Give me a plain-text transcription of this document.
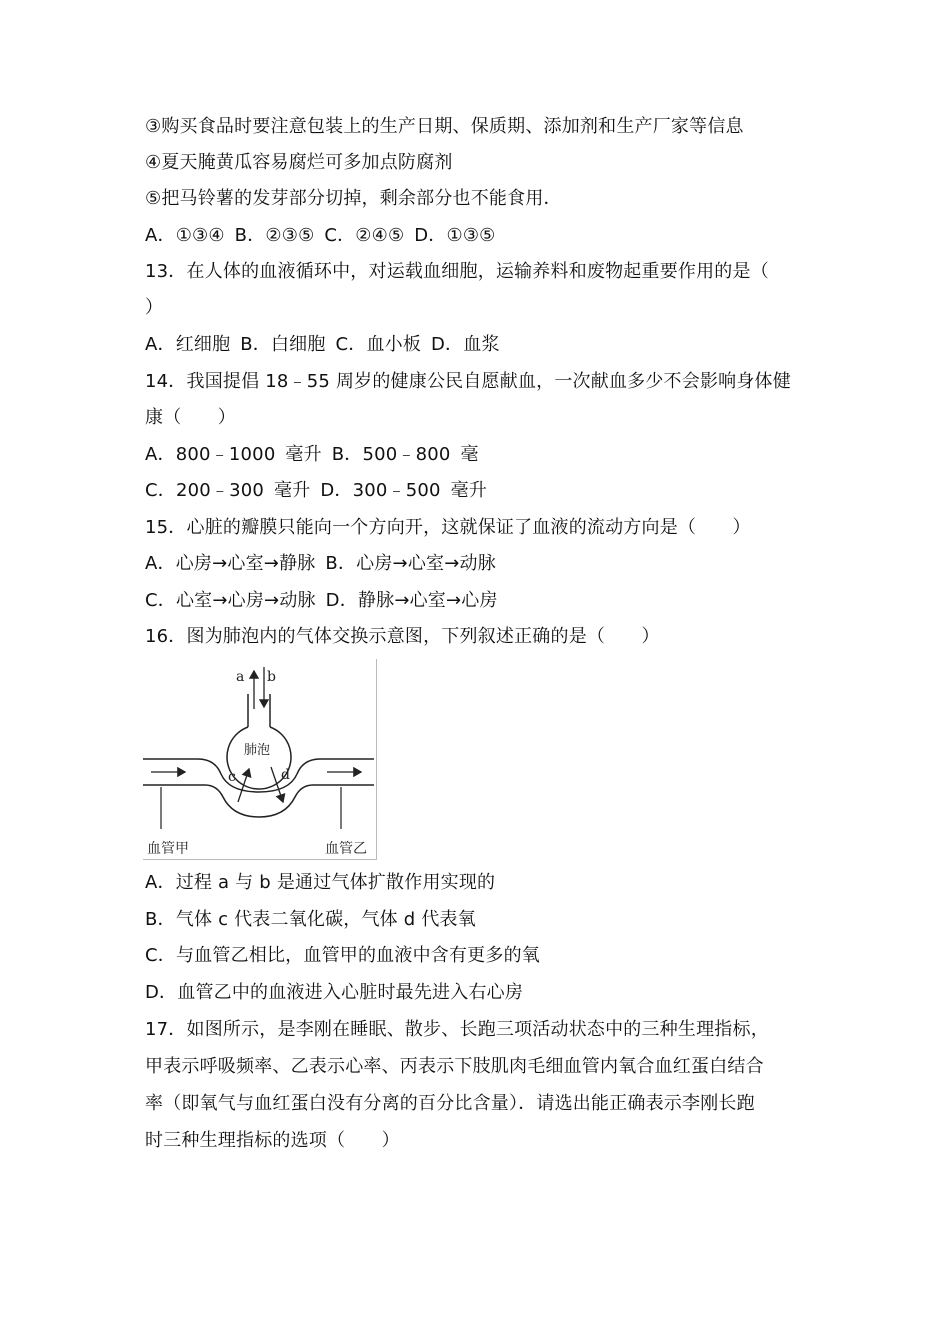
③购买食品时要注意包装上的生产日期、保质期、添加剂和生产厂家等信息
④夏天腌黄瓜容易腐烂可多加点防腐剂
⑤把马铃薯的发芽部分切掉，剩余部分也不能食用．
A．①③④ B．②③⑤ C．②④⑤ D．①③⑤
13．在人体的血液循环中，对运载血细胞，运输养料和废物起重要作用的是（
）
A．红细胞 B．白细胞 C．血小板 D．血浆
14．我国提倡 18﹣55 周岁的健康公民自愿献血，一次献血多少不会影响身体健
康（　　）
A．800﹣1000 毫升 B．500﹣800 毫
C．200﹣300 毫升 D．300﹣500 毫升
15．心脏的瓣膜只能向一个方向开，这就保证了血液的流动方向是（　　）
A．心房→心室→静脉 B．心房→心室→动脉
C．心室→心房→动脉 D．静脉→心室→心房
16．图为肺泡内的气体交换示意图，下列叙述正确的是（　　）
a b
肺泡
c	d
血管甲	血管乙
A．过程 a 与 b 是通过气体扩散作用实现的
B．气体 c 代表二氧化碳，气体 d 代表氧
C．与血管乙相比，血管甲的血液中含有更多的氧
D．血管乙中的血液进入心脏时最先进入右心房
17．如图所示，是李刚在睡眠、散步、长跑三项活动状态中的三种生理指标，
甲表示呼吸频率、乙表示心率、丙表示下肢肌肉毛细血管内氧合血红蛋白结合
率（即氧气与血红蛋白没有分离的百分比含量）．请选出能正确表示李刚长跑
时三种生理指标的选项（　　）
